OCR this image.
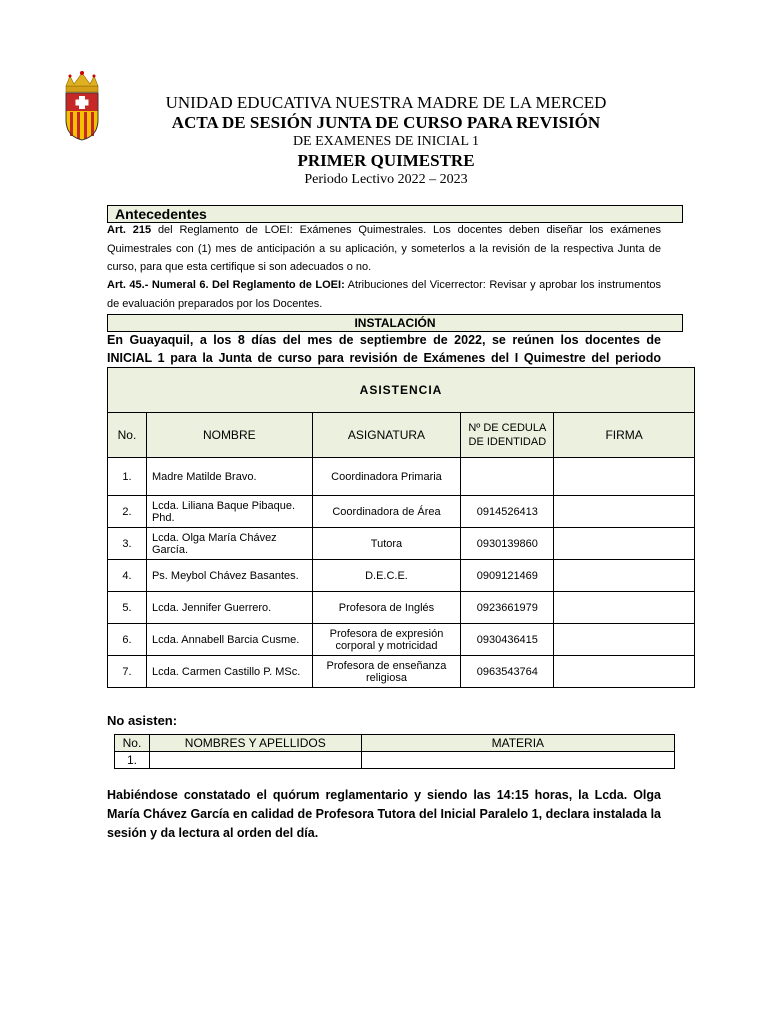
UNIDAD EDUCATIVA NUESTRA MADRE DE LA MERCED
ACTA DE SESIÓN JUNTA DE CURSO PARA REVISIÓN
DE EXAMENES DE INICIAL 1
PRIMER QUIMESTRE
Periodo Lectivo 2022 – 2023
Antecedentes
Art. 215 del Reglamento de LOEI: Exámenes Quimestrales. Los docentes deben diseñar los exámenes Quimestrales con (1) mes de anticipación a su aplicación, y someterlos a la revisión de la respectiva Junta de curso, para que esta certifique si son adecuados o no.
Art. 45.- Numeral 6. Del Reglamento de LOEI: Atribuciones del Vicerrector: Revisar y aprobar los instrumentos de evaluación preparados por los Docentes.
INSTALACIÓN
En Guayaquil, a los 8 días del mes de septiembre de 2022, se reúnen los docentes de INICIAL 1 para la Junta de curso para revisión de Exámenes del I Quimestre del periodo
ASISTENCIA				
No.	NOMBRE	ASIGNATURA	Nº DE CEDULA DE IDENTIDAD	FIRMA
1.	Madre Matilde Bravo.	Coordinadora Primaria		
2.	Lcda. Liliana Baque Pibaque. Phd.	Coordinadora de Área	0914526413	
3.	Lcda. Olga María Chávez García.	Tutora	0930139860	
4.	Ps. Meybol Chávez Basantes.	D.E.C.E.	0909121469	
5.	Lcda. Jennifer Guerrero.	Profesora de Inglés	0923661979	
6.	Lcda. Annabell Barcia Cusme.	Profesora de expresión corporal y motricidad	0930436415	
7.	Lcda. Carmen Castillo P. MSc.	Profesora de enseñanza religiosa	0963543764	
No asisten:
No.	NOMBRES Y APELLIDOS	MATERIA
1.		
Habiéndose constatado el quórum reglamentario y siendo las 14:15 horas, la Lcda. Olga María Chávez García en calidad de Profesora Tutora del Inicial Paralelo 1, declara instalada la sesión y da lectura al orden del día.
